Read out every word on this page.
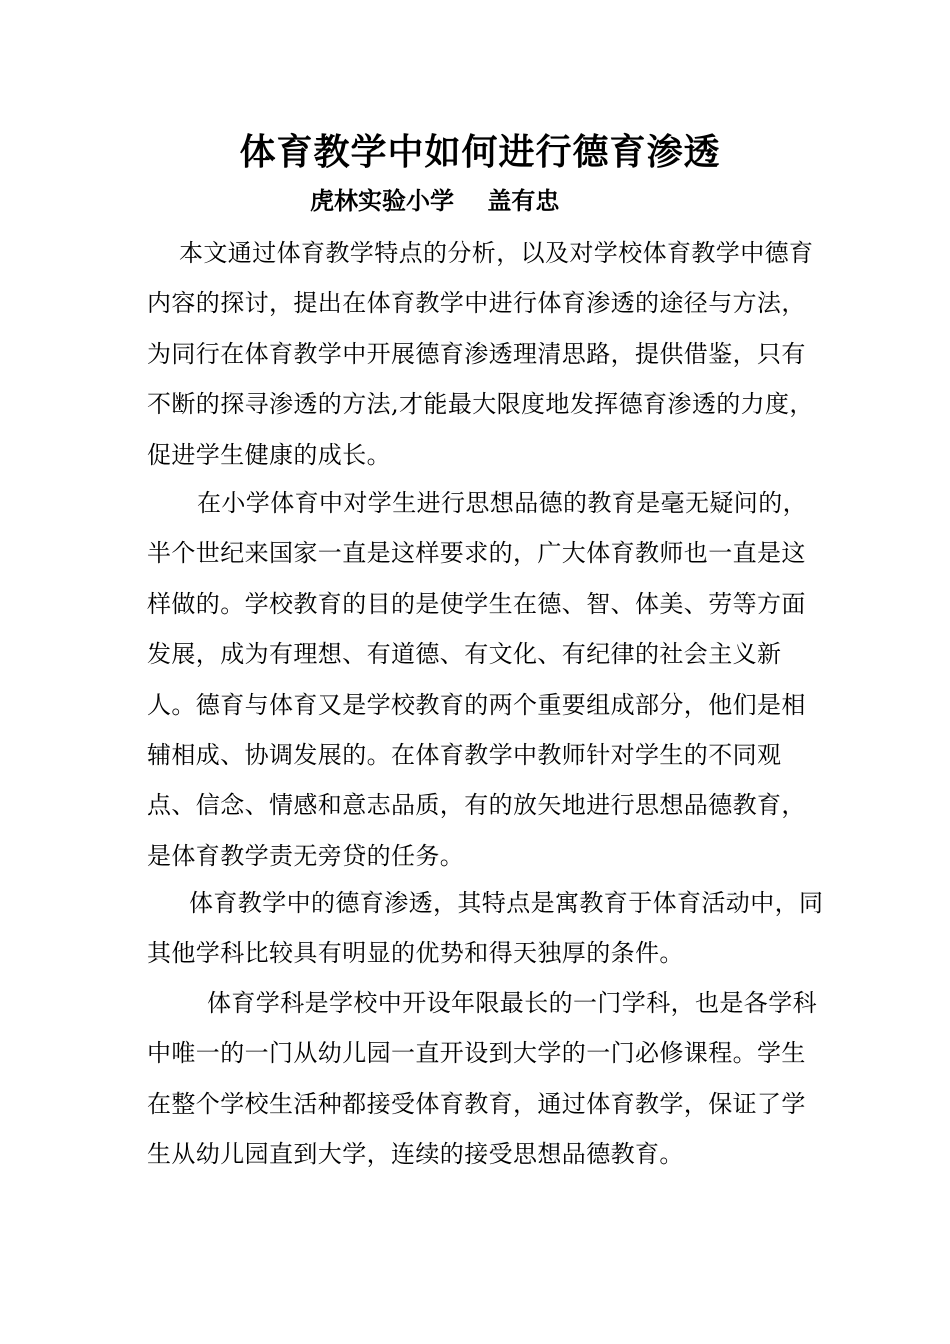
体育教学中如何进行德育渗透
虎林实验小学    盖有忠
本文通过体育教学特点的分析，以及对学校体育教学中德育内容的探讨，提出在体育教学中进行体育渗透的途径与方法，为同行在体育教学中开展德育渗透理清思路，提供借鉴，只有不断的探寻渗透的方法,才能最大限度地发挥德育渗透的力度，促进学生健康的成长。
在小学体育中对学生进行思想品德的教育是毫无疑问的，半个世纪来国家一直是这样要求的，广大体育教师也一直是这样做的。学校教育的目的是使学生在德、智、体美、劳等方面发展，成为有理想、有道德、有文化、有纪律的社会主义新人。德育与体育又是学校教育的两个重要组成部分，他们是相辅相成、协调发展的。在体育教学中教师针对学生的不同观点、信念、情感和意志品质，有的放矢地进行思想品德教育，是体育教学责无旁贷的任务。
体育教学中的德育渗透，其特点是寓教育于体育活动中，同其他学科比较具有明显的优势和得天独厚的条件。
体育学科是学校中开设年限最长的一门学科，也是各学科中唯一的一门从幼儿园一直开设到大学的一门必修课程。学生在整个学校生活种都接受体育教育，通过体育教学，保证了学生从幼儿园直到大学，连续的接受思想品德教育。
